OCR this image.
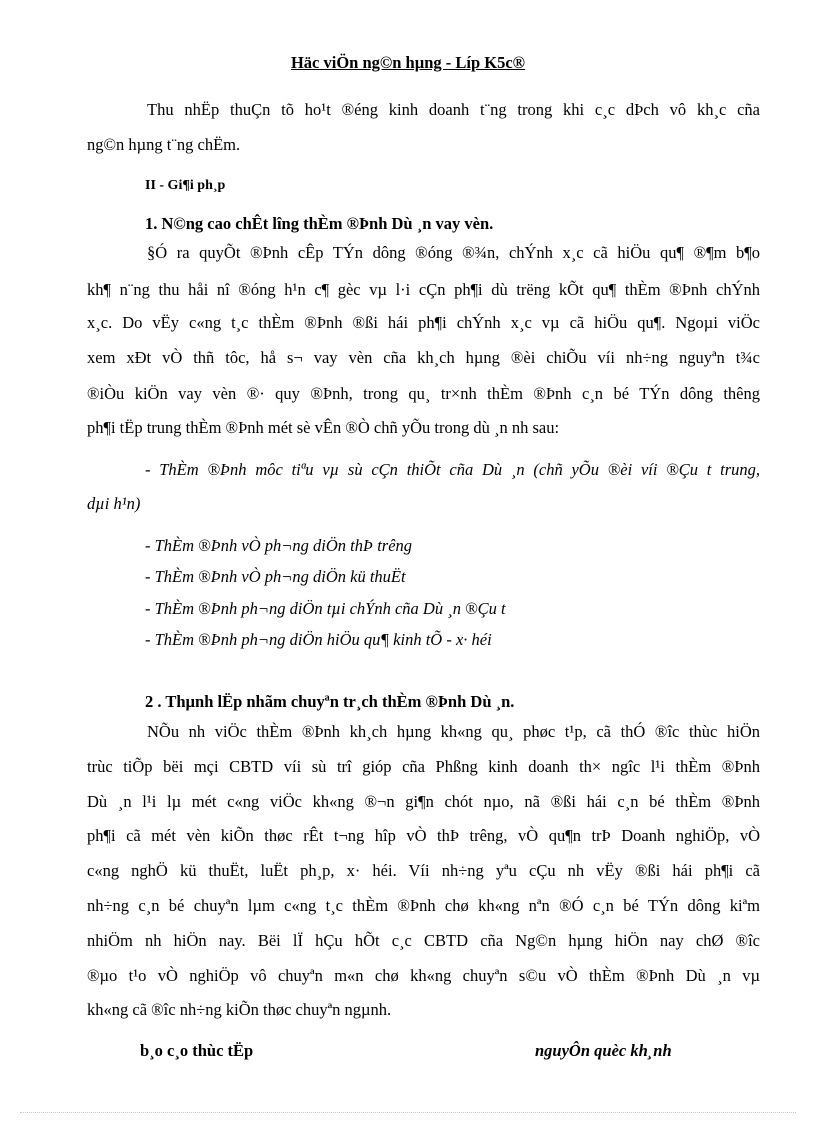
Häc viÖn ng©n hµng - Líp K5c®
Thu nhËp thuÇn tõ ho¹t ®éng kinh doanh t¨ng trong khi c¸c dÞch vô kh¸c cña
ng©n hµng t¨ng chËm.
II - Gi¶i ph¸p
1. N©ng cao chÊt lîng thÈm ®Þnh Dù ¸n vay vèn.
§Ó ra quyÕt ®Þnh cÊp TÝn dông ®óng ®¾n, chÝnh x¸c cã hiÖu qu¶ ®¶m b¶o
kh¶ n¨ng thu håi nî ®óng h¹n c¶ gèc vµ l·i cÇn ph¶i dù trëng kÕt qu¶ thÈm ®Þnh chÝnh
x¸c. Do vËy c«ng t¸c thÈm ®Þnh ®ßi hái ph¶i chÝnh x¸c vµ cã hiÖu qu¶. Ngoµi viÖc
xem xÐt vÒ thñ tôc, hå s¬ vay vèn cña kh¸ch hµng ®èi chiÕu víi nh÷ng nguyªn t¾c
®iÒu kiÖn vay vèn ®· quy ®Þnh, trong qu¸ tr×nh thÈm ®Þnh c¸n bé TÝn dông thêng
ph¶i tËp trung thÈm ®Þnh mét sè vÊn ®Ò chñ yÕu trong dù ¸n nh sau:
- ThÈm ®Þnh môc tiªu vµ sù cÇn thiÕt cña Dù ¸n (chñ yÕu ®èi víi ®Çu t trung,
dµi h¹n)
- ThÈm ®Þnh vÒ ph¬ng diÖn thÞ trêng
- ThÈm ®Þnh vÒ ph¬ng diÖn kü thuËt
- ThÈm ®Þnh ph¬ng diÖn tµi chÝnh cña Dù ¸n ®Çu t
- ThÈm ®Þnh ph¬ng diÖn hiÖu qu¶ kinh tÕ - x· héi
2 . Thµnh lËp nhãm chuyªn tr¸ch thÈm ®Þnh Dù ¸n.
NÕu nh viÖc thÈm ®Þnh kh¸ch hµng kh«ng qu¸ phøc t¹p, cã thÓ ®îc thùc hiÖn
trùc tiÕp bëi mçi CBTD víi sù trî gióp cña Phßng kinh doanh th× ngîc l¹i thÈm ®Þnh
Dù ¸n l¹i lµ mét c«ng viÖc kh«ng ®¬n gi¶n chót nµo, nã ®ßi hái c¸n bé thÈm ®Þnh
ph¶i cã mét vèn kiÕn thøc rÊt t¬ng hîp vÒ thÞ trêng, vÒ qu¶n trÞ Doanh nghiÖp, vÒ
c«ng nghÖ kü thuËt, luËt ph¸p, x· héi. Víi nh÷ng yªu cÇu nh vËy ®ßi hái ph¶i cã
nh÷ng c¸n bé chuyªn lµm c«ng t¸c thÈm ®Þnh chø kh«ng nªn ®Ó c¸n bé TÝn dông kiªm
nhiÖm nh hiÖn nay. Bëi lÏ hÇu hÕt c¸c CBTD cña Ng©n hµng hiÖn nay chØ ®îc
®µo t¹o vÒ nghiÖp vô chuyªn m«n chø kh«ng chuyªn s©u vÒ thÈm ®Þnh Dù ¸n vµ
kh«ng cã ®îc nh÷ng kiÕn thøc chuyªn ngµnh.
b¸o c¸o thùc tËp	nguyÔn quèc kh¸nh
